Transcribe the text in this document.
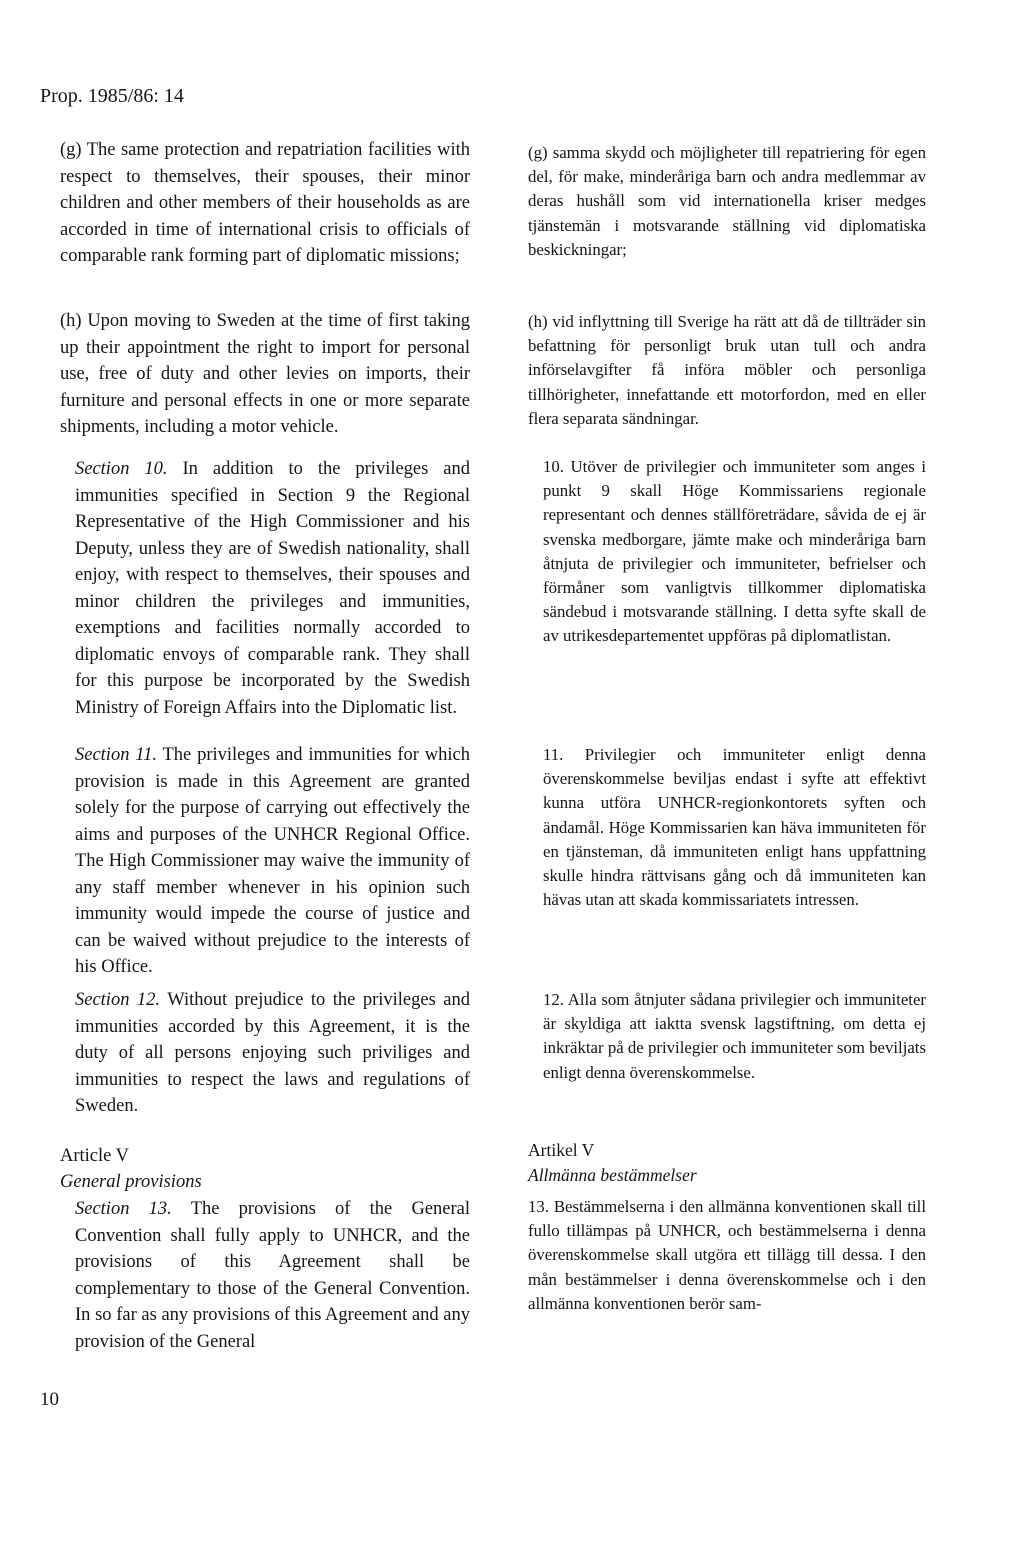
Prop. 1985/86: 14

(g) The same protection and repatriation facilities with respect to themselves, their spouses, their minor children and other members of their households as are accorded in time of international crisis to officials of comparable rank forming part of diplomatic missions;

(h) Upon moving to Sweden at the time of first taking up their appointment the right to import for personal use, free of duty and other levies on imports, their furniture and personal effects in one or more separate shipments, including a motor vehicle.

Section 10. In addition to the privileges and immunities specified in Section 9 the Regional Representative of the High Commissioner and his Deputy, unless they are of Swedish nationality, shall enjoy, with respect to themselves, their spouses and minor children the privileges and immunities, exemptions and facilities normally accorded to diplomatic envoys of comparable rank. They shall for this purpose be incorporated by the Swedish Ministry of Foreign Affairs into the Diplomatic list.

Section 11. The privileges and immunities for which provision is made in this Agreement are granted solely for the purpose of carrying out effectively the aims and purposes of the UNHCR Regional Office. The High Commissioner may waive the immunity of any staff member whenever in his opinion such immunity would impede the course of justice and can be waived without prejudice to the interests of his Office.

Section 12. Without prejudice to the privileges and immunities accorded by this Agreement, it is the duty of all persons enjoying such priviliges and immunities to respect the laws and regulations of Sweden.

Article V

General provisions

Section 13. The provisions of the General Convention shall fully apply to UNHCR, and the provisions of this Agreement shall be complementary to those of the General Convention. In so far as any provisions of this Agreement and any provision of the General

(g) samma skydd och möjligheter till repatriering för egen del, för make, minderåriga barn och andra medlemmar av deras hushåll som vid internationella kriser medges tjänstemän i motsvarande ställning vid diplomatiska beskickningar;

(h) vid inflyttning till Sverige ha rätt att då de tillträder sin befattning för personligt bruk utan tull och andra införselavgifter få införa möbler och personliga tillhörigheter, innefattande ett motorfordon, med en eller flera separata sändningar.

10. Utöver de privilegier och immuniteter som anges i punkt 9 skall Höge Kommissariens regionale representant och dennes ställföreträdare, såvida de ej är svenska medborgare, jämte make och minderåriga barn åtnjuta de privilegier och immuniteter, befrielser och förmåner som vanligtvis tillkommer diplomatiska sändebud i motsvarande ställning. I detta syfte skall de av utrikesdepartementet uppföras på diplomatlistan.

11. Privilegier och immuniteter enligt denna överenskommelse beviljas endast i syfte att effektivt kunna utföra UNHCR-regionkontorets syften och ändamål. Höge Kommissarien kan häva immuniteten för en tjänsteman, då immuniteten enligt hans uppfattning skulle hindra rättvisans gång och då immuniteten kan hävas utan att skada kommissariatets intressen.

12. Alla som åtnjuter sådana privilegier och immuniteter är skyldiga att iaktta svensk lagstiftning, om detta ej inkräktar på de privilegier och immuniteter som beviljats enligt denna överenskommelse.

Artikel V

Allmänna bestämmelser

13. Bestämmelserna i den allmänna konventionen skall till fullo tillämpas på UNHCR, och bestämmelserna i denna överenskommelse skall utgöra ett tillägg till dessa. I den mån bestämmelser i denna överenskommelse och i den allmänna konventionen berör sam-

10
